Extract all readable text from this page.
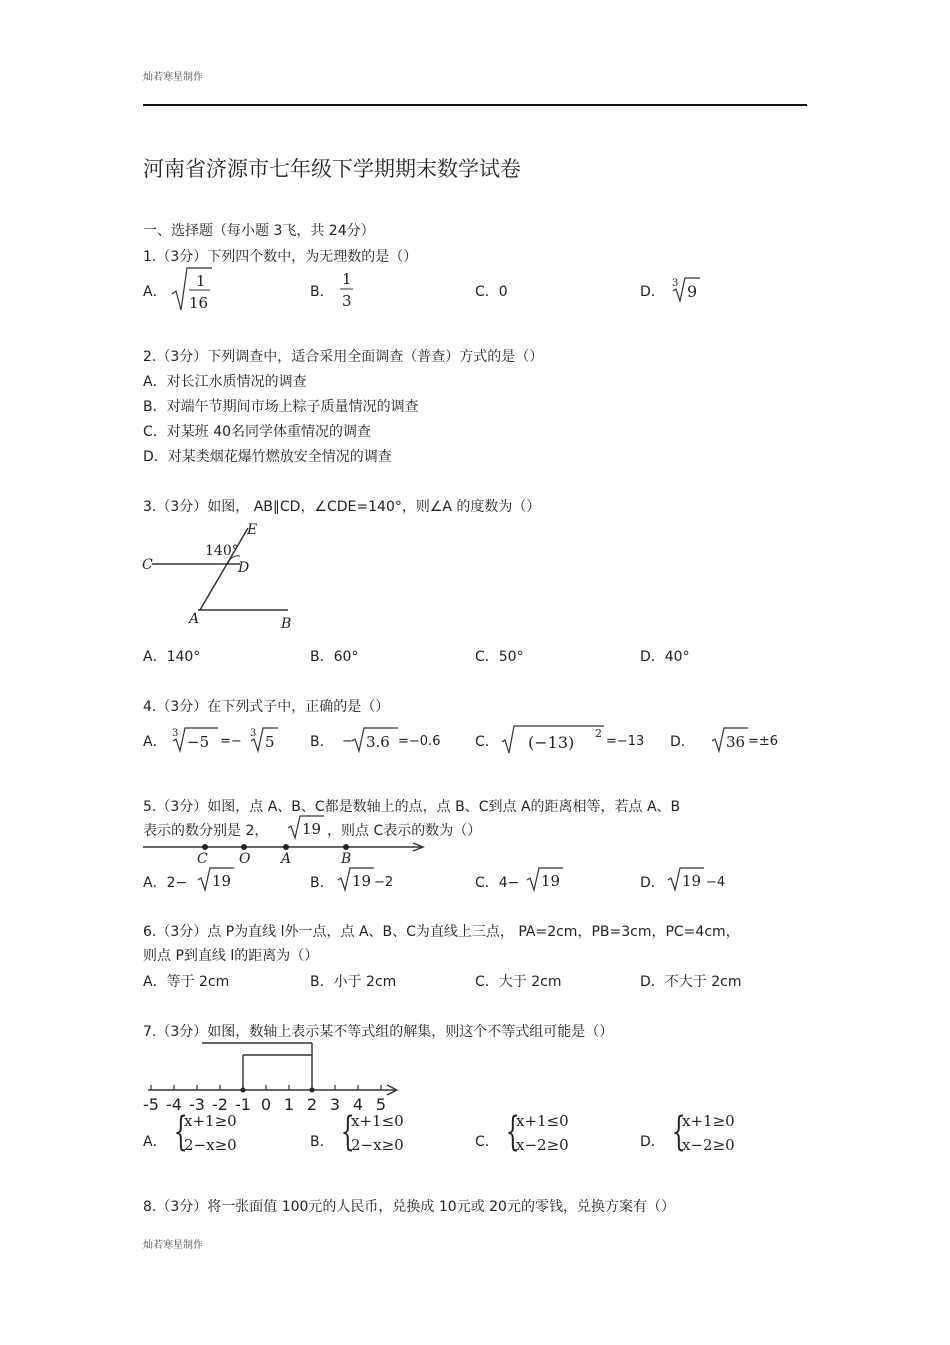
灿若寒星制作
河南省济源市七年级下学期期末数学试卷
一、选择题（每小题 3飞，共 24分）
1.（3分）下列四个数中，为无理数的是（）
A．
1
16
B．
1
3	C．0	D．
3 9
2.（3分）下列调查中，适合采用全面调查（普查）方式的是（）
A．对长江水质情况的调查
B．对端午节期间市场上粽子质量情况的调查
C．对某班 40名同学体重情况的调查
D．对某类烟花爆竹燃放安全情况的调查
3.（3分）如图， AB∥CD，∠CDE=140°，则∠A 的度数为（）
140°
C	D
E
A	B
A．140°	B．60°	C．50°	D．40°
4.（3分）在下列式子中，正确的是（）
A．
3 −5 =−
3 5	B． − 3.6 =−0.6 C． (−13) 2
=−13 D． 36 =±6
5.（3分）如图，点 A、B、C都是数轴上的点，点 B、C到点 A的距离相等，若点 A、B
表示的数分别是 2， 19 ，则点 C表示的数为（）
C O A	B
A．2− 19	B． 19 −2	C．4− 19	D． 19 −4
6.（3分）点 P为直线 l外一点，点 A、B、C为直线上三点， PA=2cm，PB=3cm，PC=4cm，
则点 P到直线 l的距离为（）
A．等于 2cm	B．小于 2cm	C．大于 2cm	D．不大于 2cm
7.（3分）如图，数轴上表示某不等式组的解集，则这个不等式组可能是（）
-5 -4 -3 -2 -1 0 1 2 3 4 5
A． {
x+1≥0
2−x≥0	B． {
x+1≤0
2−x≥0	C． {
x+1≤0
x−2≥0	D． {
x+1≥0
x−2≥0
8.（3分）将一张面值 100元的人民币，兑换成 10元或 20元的零钱，兑换方案有（）
灿若寒星制作
